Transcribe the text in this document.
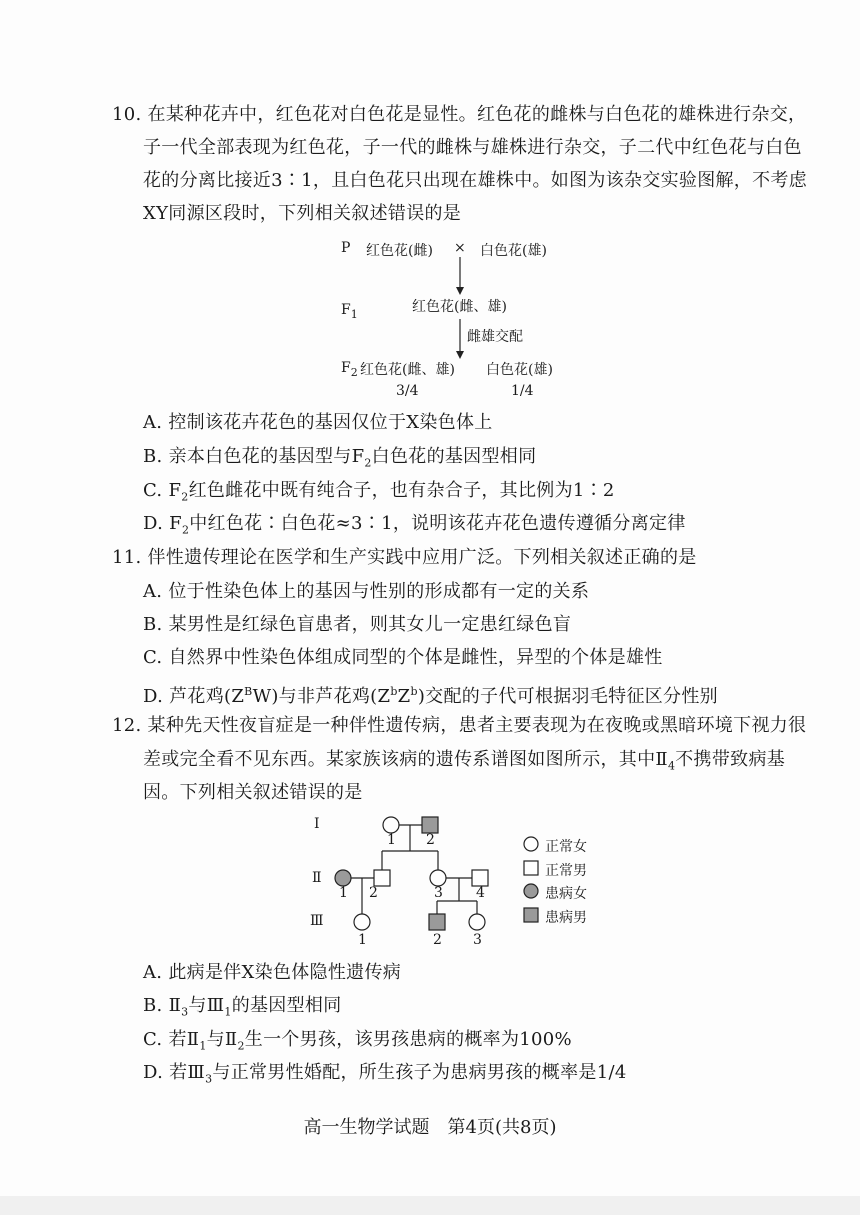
10. 在某种花卉中，红色花对白色花是显性。红色花的雌株与白色花的雄株进行杂交，
子一代全部表现为红色花，子一代的雌株与雄株进行杂交，子二代中红色花与白色
花的分离比接近3∶1，且白色花只出现在雄株中。如图为该杂交实验图解，不考虑
XY同源区段时，下列相关叙述错误的是
P 红色花(雌) × 白色花(雄)
$F_1$	红色花(雌、雄)
雌雄交配
$F_2$ 红色花(雌、雄) 白色花(雄)
3/4	1/4
A. 控制该花卉花色的基因仅位于X染色体上
B. 亲本白色花的基因型与$F_2$白色花的基因型相同
C. $F_2$红色雌花中既有纯合子，也有杂合子，其比例为1∶2
D. $F_2$中红色花∶白色花≈3∶1，说明该花卉花色遗传遵循分离定律
11. 伴性遗传理论在医学和生产实践中应用广泛。下列相关叙述正确的是
A. 位于性染色体上的基因与性别的形成都有一定的关系
B. 某男性是红绿色盲患者，则其女儿一定患红绿色盲
C. 自然界中性染色体组成同型的个体是雌性，异型的个体是雄性
D. 芦花鸡$(Z^BW)$与非芦花鸡$(Z^bZ^b)$交配的子代可根据羽毛特征区分性别
12. 某种先天性夜盲症是一种伴性遗传病，患者主要表现为在夜晚或黑暗环境下视力很
差或完全看不见东西。某家族该病的遗传系谱图如图所示，其中$Ⅱ_4$不携带致病基
因。下列相关叙述错误的是
Ⅰ
Ⅱ
Ⅲ
1 2
1 2	3 4
1	2 3
正常女
正常男
患病女
患病男
A. 此病是伴X染色体隐性遗传病
B. $Ⅱ_3$与$Ⅲ_1$的基因型相同
C. 若$Ⅱ_1$与$Ⅱ_2$生一个男孩，该男孩患病的概率为100%
D. 若$Ⅲ_3$与正常男性婚配，所生孩子为患病男孩的概率是1/4
高一生物学试题　第4页(共8页)
